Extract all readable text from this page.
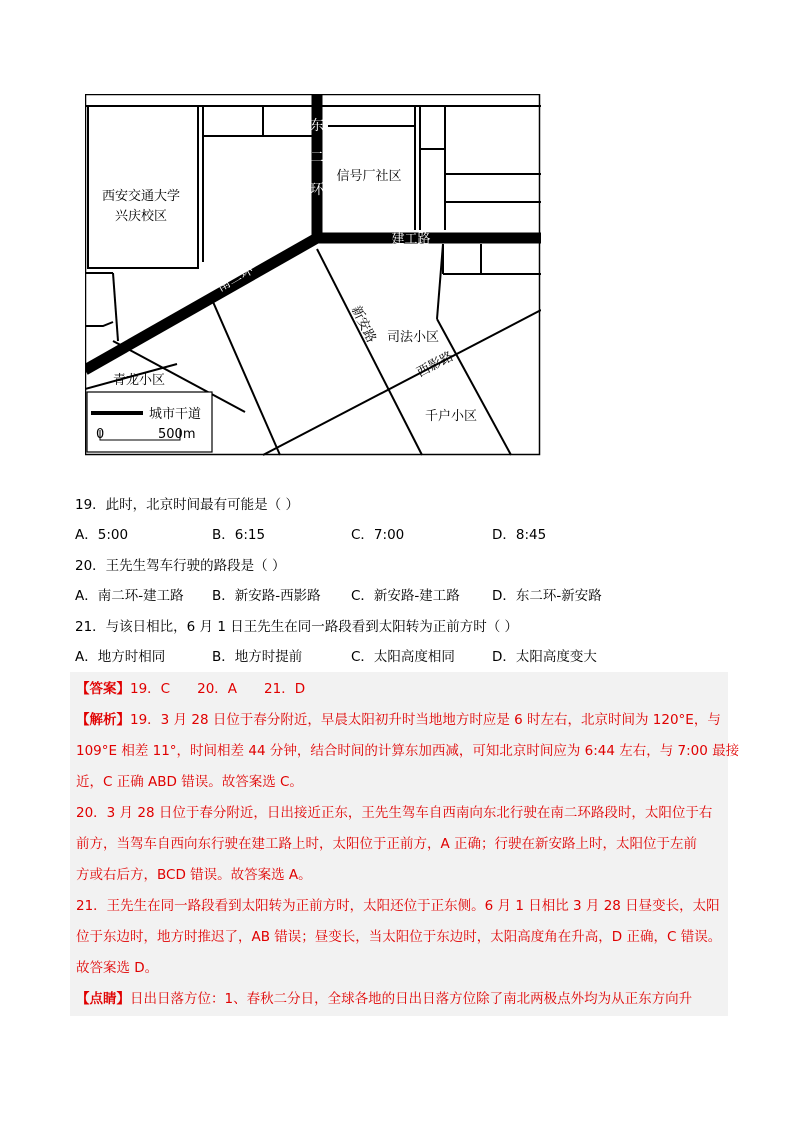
东
二
环
建工路
南二环
西安交通大学
兴庆校区
信号厂社区
司法小区
青龙小区
千户小区
新安路
西影路
城市干道
0	500m
19．此时，北京时间最有可能是（ ）
A．5:00	B．6:15	C．7:00	D．8:45
20．王先生驾车行驶的路段是（ ）
A．南二环-建工路 B．新安路-西影路 C．新安路-建工路 D．东二环-新安路
21．与该日相比，6 月 1 日王先生在同一路段看到太阳转为正前方时（ ）
A．地方时相同	B．地方时提前	C．太阳高度相同	D．太阳高度变大
【答案】19．C　　20．A　　21．D
【解析】19．3 月 28 日位于春分附近，早晨太阳初升时当地地方时应是 6 时左右，北京时间为 120°E，与
109°E 相差 11°，时间相差 44 分钟，结合时间的计算东加西减，可知北京时间应为 6:44 左右，与 7:00 最接
近，C 正确 ABD 错误。故答案选 C。
20．3 月 28 日位于春分附近，日出接近正东，王先生驾车自西南向东北行驶在南二环路段时，太阳位于右
前方，当驾车自西向东行驶在建工路上时，太阳位于正前方，A 正确；行驶在新安路上时，太阳位于左前
方或右后方，BCD 错误。故答案选 A。
21．王先生在同一路段看到太阳转为正前方时，太阳还位于正东侧。6 月 1 日相比 3 月 28 日昼变长，太阳
位于东边时，地方时推迟了，AB 错误；昼变长，当太阳位于东边时，太阳高度角在升高，D 正确，C 错误。
故答案选 D。
【点睛】日出日落方位：1、春秋二分日，全球各地的日出日落方位除了南北两极点外均为从正东方向升
